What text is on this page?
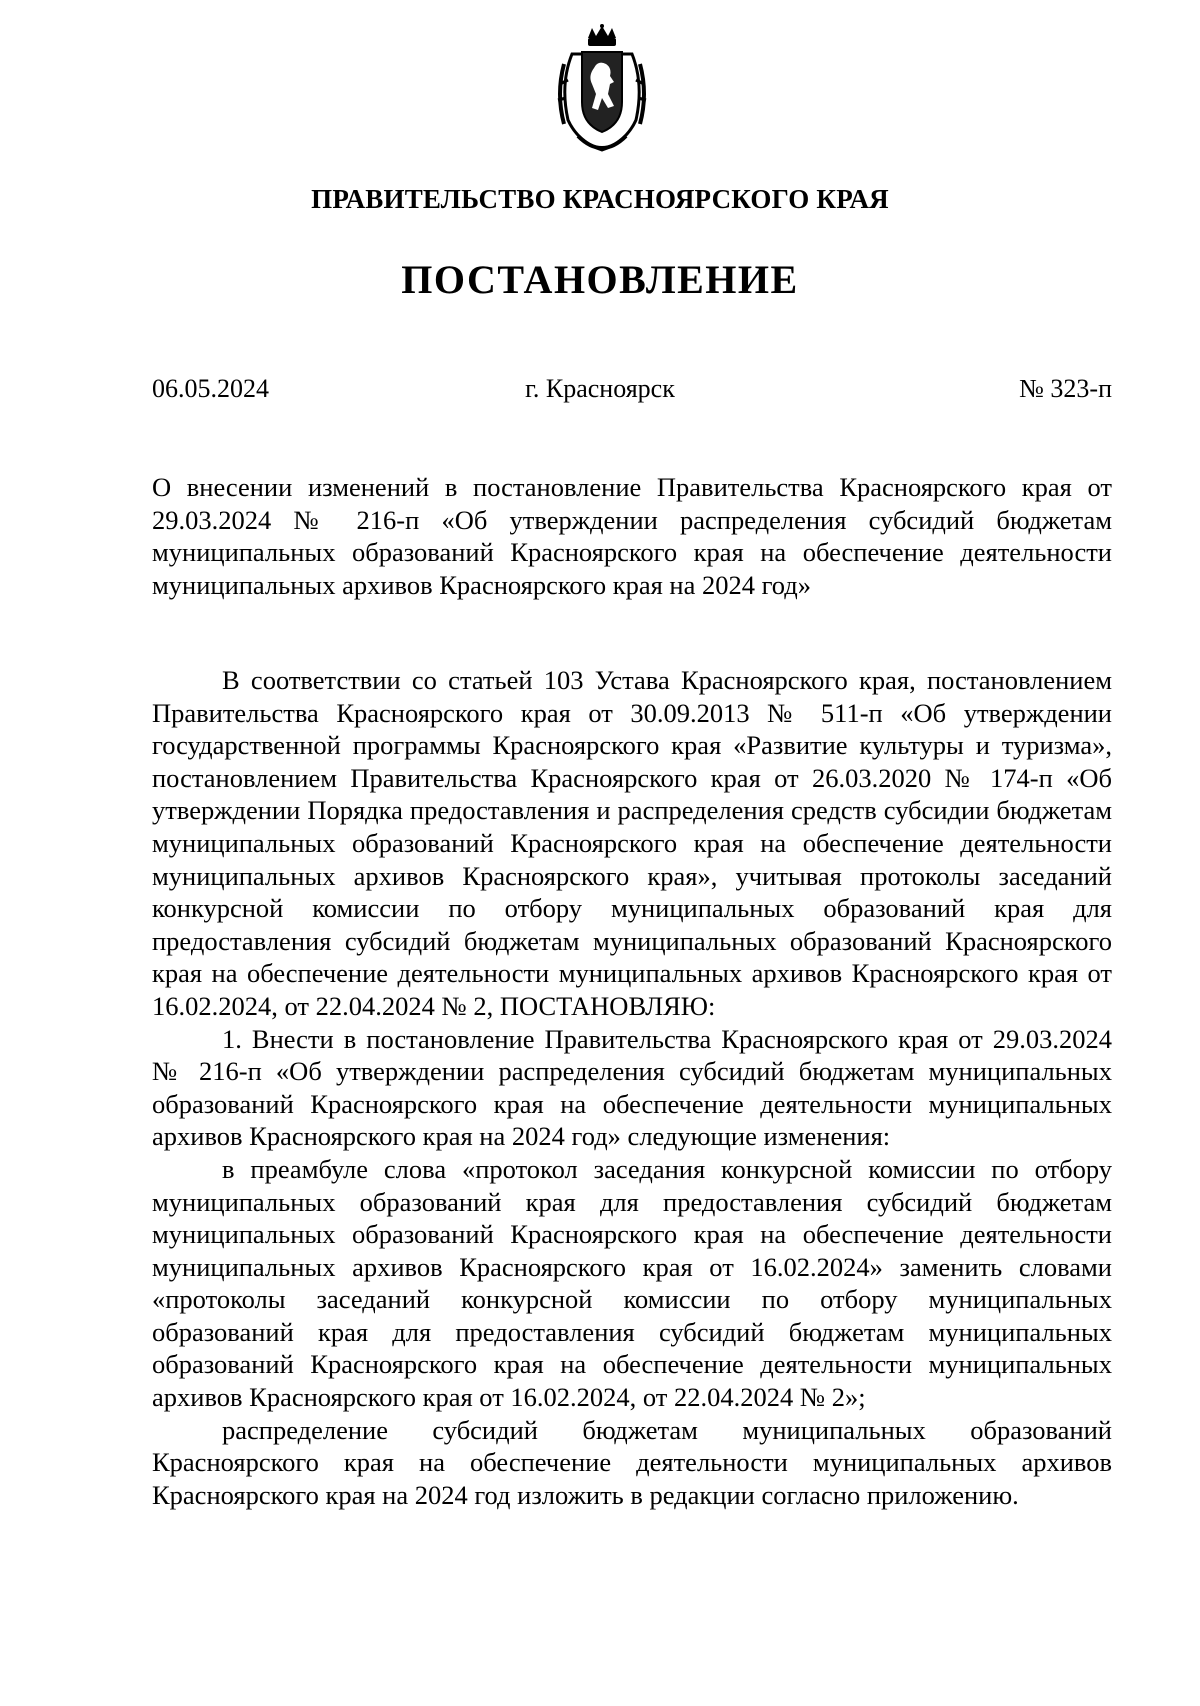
ПРАВИТЕЛЬСТВО КРАСНОЯРСКОГО КРАЯ
ПОСТАНОВЛЕНИЕ
06.05.2024	г. Красноярск	№ 323-п
О внесении изменений в постановление Правительства Красноярского края от 29.03.2024 № 216-п «Об утверждении распределения субсидий бюджетам муниципальных образований Красноярского края на обеспечение деятельности муниципальных архивов Красноярского края на 2024 год»

В соответствии со статьей 103 Устава Красноярского края, постановлением Правительства Красноярского края от 30.09.2013 № 511-п «Об утверждении государственной программы Красноярского края «Развитие культуры и туризма», постановлением Правительства Красноярского края от 26.03.2020 № 174-п «Об утверждении Порядка предоставления и распределения средств субсидии бюджетам муниципальных образований Красноярского края на обеспечение деятельности муниципальных архивов Красноярского края», учитывая протоколы заседаний конкурсной комиссии по отбору муниципальных образований края для предоставления субсидий бюджетам муниципальных образований Красноярского края на обеспечение деятельности муниципальных архивов Красноярского края от 16.02.2024, от 22.04.2024 № 2, ПОСТАНОВЛЯЮ:

1. Внести в постановление Правительства Красноярского края от 29.03.2024 № 216-п «Об утверждении распределения субсидий бюджетам муниципальных образований Красноярского края на обеспечение деятельности муниципальных архивов Красноярского края на 2024 год» следующие изменения:

в преамбуле слова «протокол заседания конкурсной комиссии по отбору муниципальных образований края для предоставления субсидий бюджетам муниципальных образований Красноярского края на обеспечение деятельности муниципальных архивов Красноярского края от 16.02.2024» заменить словами «протоколы заседаний конкурсной комиссии по отбору муниципальных образований края для предоставления субсидий бюджетам муниципальных образований Красноярского края на обеспечение деятельности муниципальных архивов Красноярского края от 16.02.2024, от 22.04.2024 № 2»;

распределение субсидий бюджетам муниципальных образований Красноярского края на обеспечение деятельности муниципальных архивов Красноярского края на 2024 год изложить в редакции согласно приложению.
